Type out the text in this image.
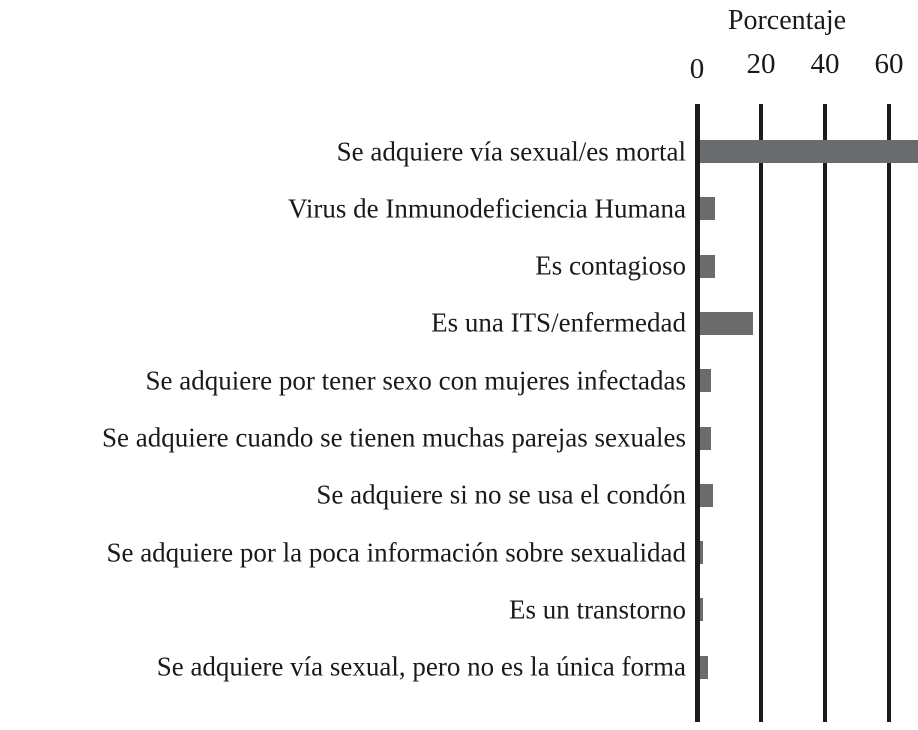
Porcentaje
0 20 40 60
Se adquiere vía sexual/es mortal
Virus de Inmunodeficiencia Humana
Es contagioso
Es una ITS/enfermedad
Se adquiere por tener sexo con mujeres infectadas
Se adquiere cuando se tienen muchas parejas sexuales
Se adquiere si no se usa el condón
Se adquiere por la poca información sobre sexualidad
Es un transtorno
Se adquiere vía sexual, pero no es la única forma
